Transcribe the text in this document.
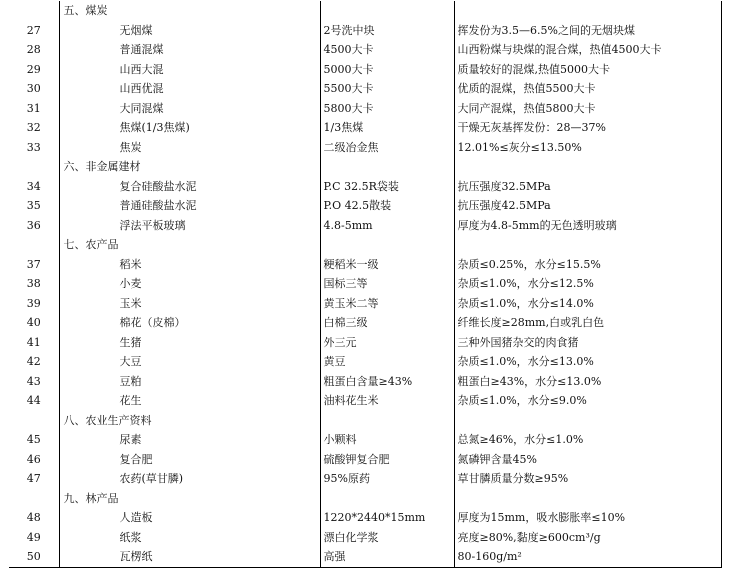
	五、煤炭		
27	无烟煤	2号洗中块	挥发份为3.5—6.5%之间的无烟块煤
28	普通混煤	4500大卡	山西粉煤与块煤的混合煤，热值4500大卡
29	山西大混	5000大卡	质量较好的混煤,热值5000大卡
30	山西优混	5500大卡	优质的混煤，热值5500大卡
31	大同混煤	5800大卡	大同产混煤，热值5800大卡
32	焦煤(1/3焦煤)	1/3焦煤	干燥无灰基挥发份：28—37%
33	焦炭	二级冶金焦	12.01%≤灰分≤13.50%
	六、非金属建材		
34	复合硅酸盐水泥	P.C 32.5R袋装	抗压强度32.5MPa
35	普通硅酸盐水泥	P.O 42.5散装	抗压强度42.5MPa
36	浮法平板玻璃	4.8-5mm	厚度为4.8-5mm的无色透明玻璃
	七、农产品		
37	稻米	粳稻米一级	杂质≤0.25%，水分≤15.5%
38	小麦	国标三等	杂质≤1.0%，水分≤12.5%
39	玉米	黄玉米二等	杂质≤1.0%，水分≤14.0%
40	棉花（皮棉）	白棉三级	纤维长度≥28mm,白或乳白色
41	生猪	外三元	三种外国猪杂交的肉食猪
42	大豆	黄豆	杂质≤1.0%，水分≤13.0%
43	豆粕	粗蛋白含量≥43%	粗蛋白≥43%，水分≤13.0%
44	花生	油料花生米	杂质≤1.0%，水分≤9.0%
	八、农业生产资料		
45	尿素	小颗料	总氮≥46%，水分≤1.0%
46	复合肥	硫酸钾复合肥	氮磷钾含量45%
47	农药(草甘膦)	95%原药	草甘膦质量分数≥95%
	九、林产品		
48	人造板	1220*2440*15mm	厚度为15mm，吸水膨胀率≤10%
49	纸浆	漂白化学浆	亮度≥80%,黏度≥600cm³/g
50	瓦楞纸	高强	80-160g/m²
